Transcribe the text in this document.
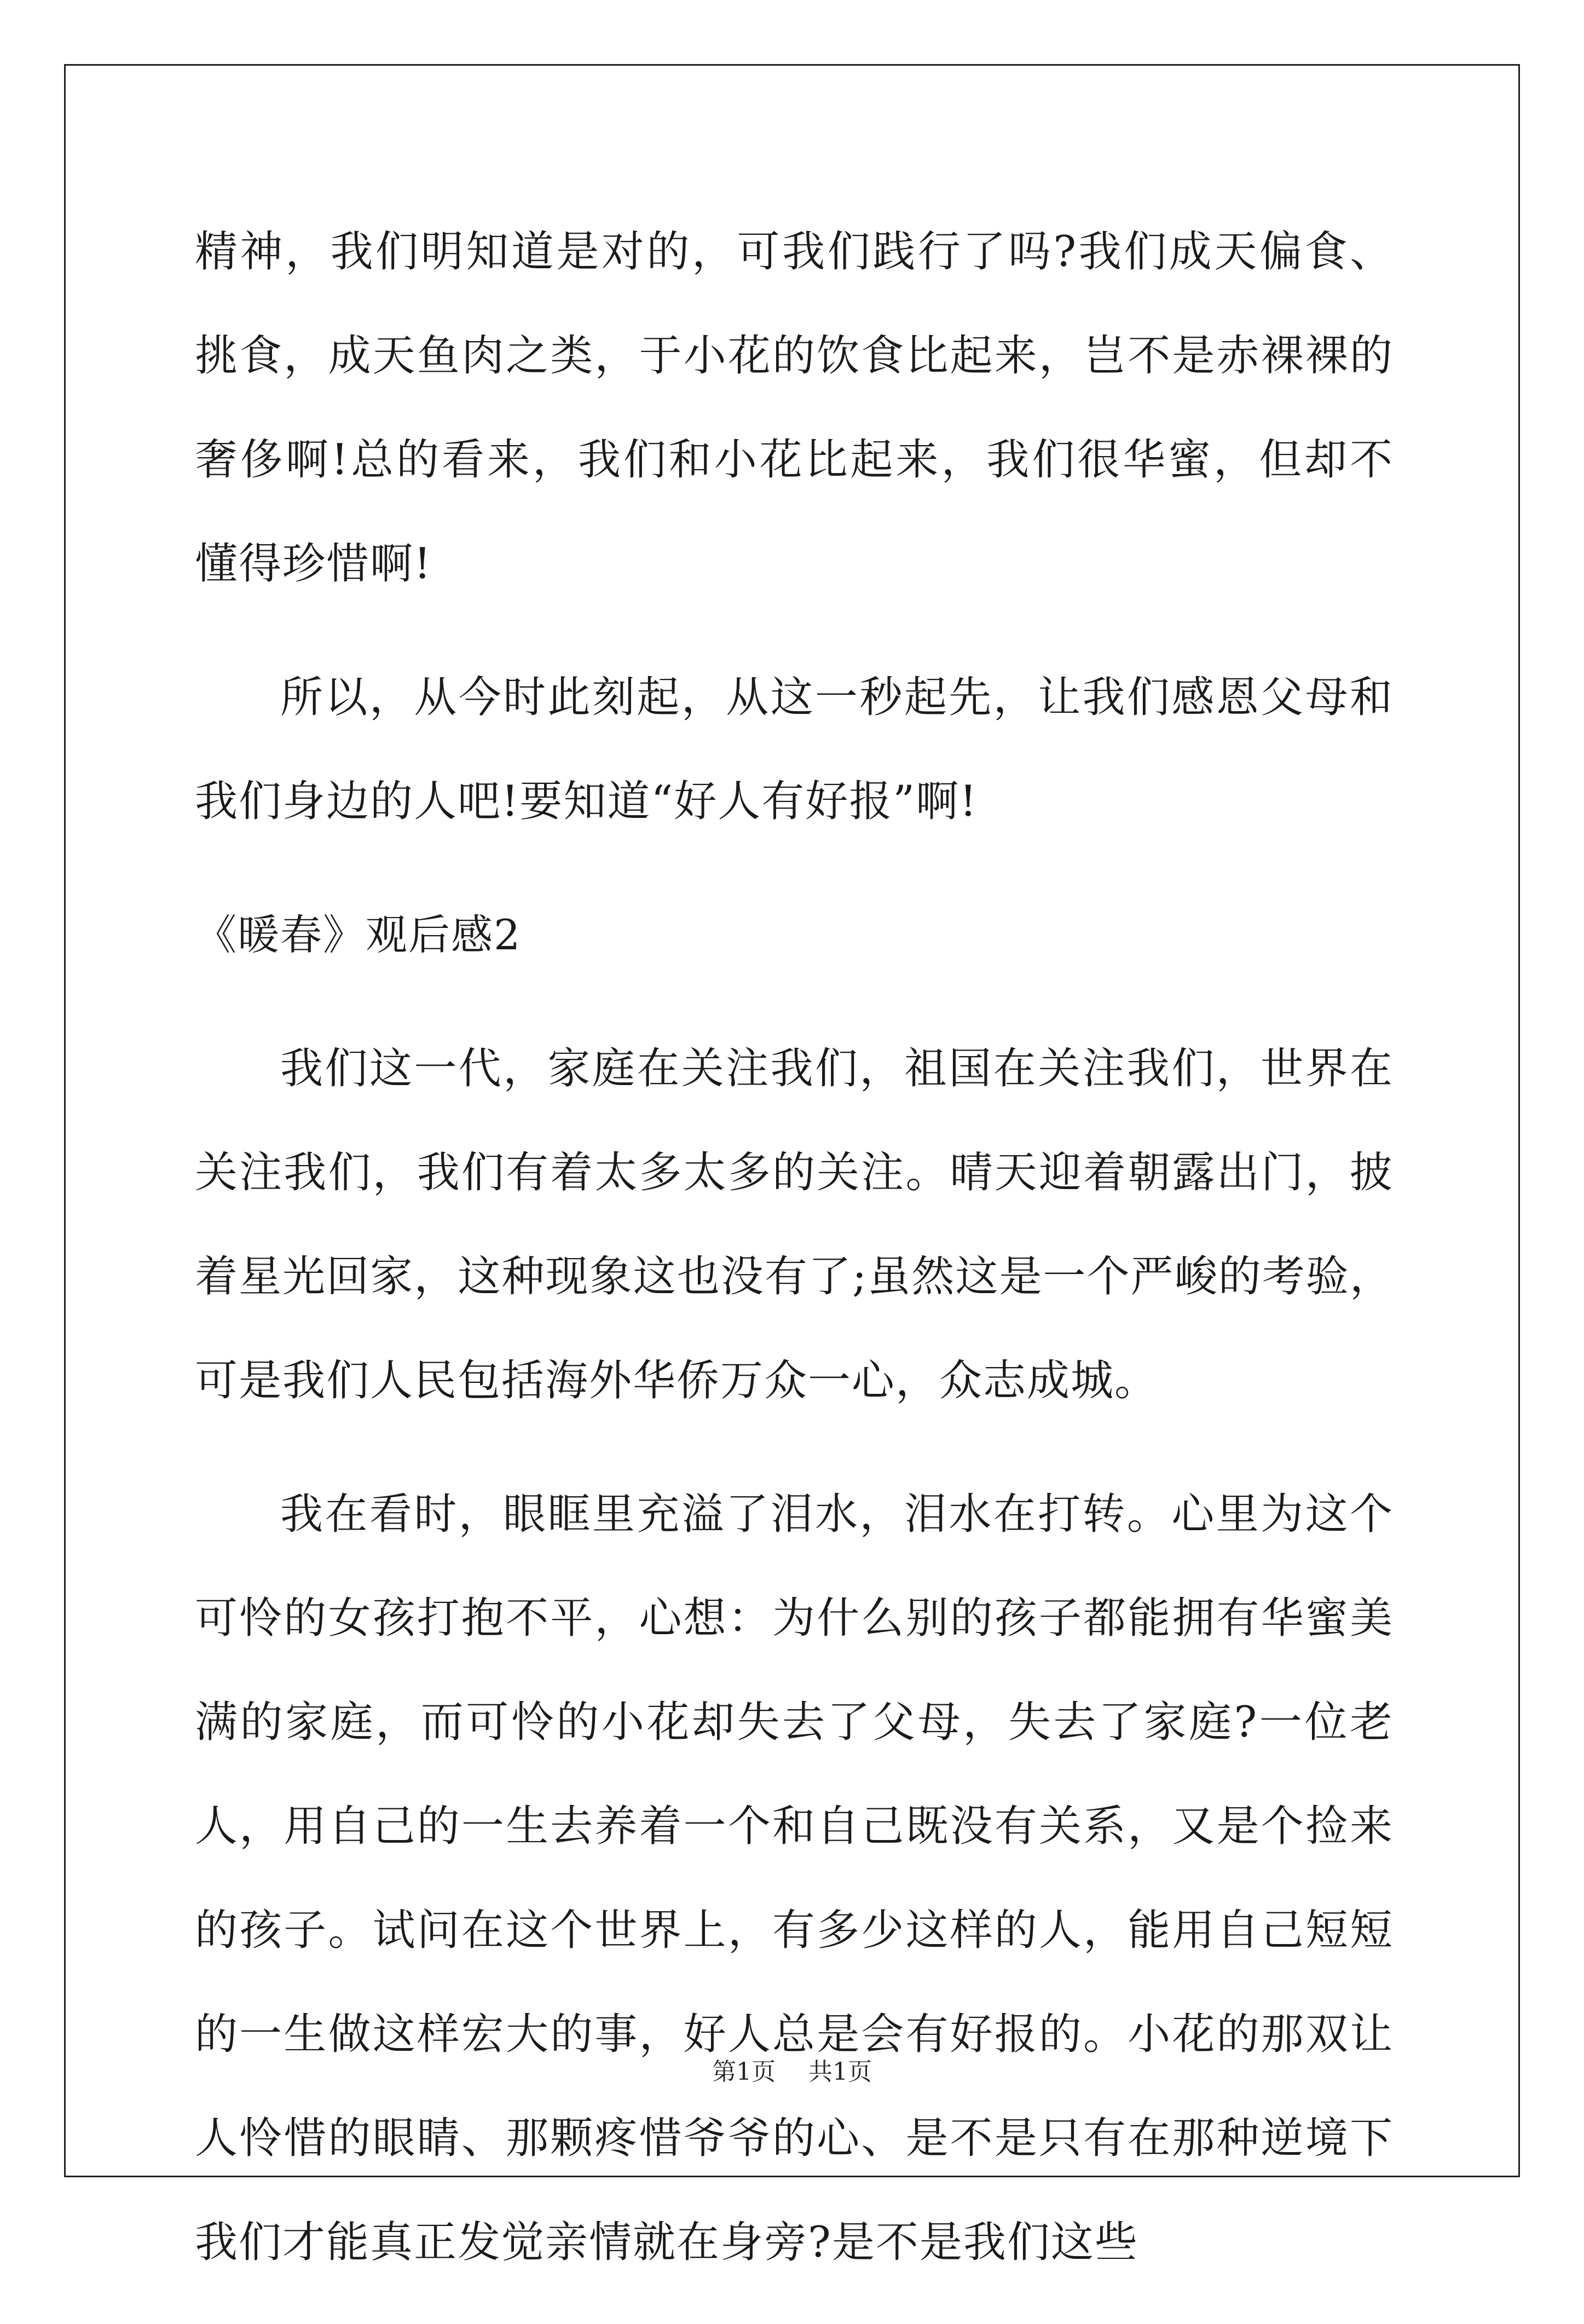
精神，我们明知道是对的，可我们践行了吗?我们成天偏食、挑食，成天鱼肉之类，于小花的饮食比起来，岂不是赤裸裸的奢侈啊!总的看来，我们和小花比起来，我们很华蜜，但却不懂得珍惜啊!

所以，从今时此刻起，从这一秒起先，让我们感恩父母和我们身边的人吧!要知道“好人有好报”啊!

《暖春》观后感2

我们这一代，家庭在关注我们，祖国在关注我们，世界在关注我们，我们有着太多太多的关注。晴天迎着朝露出门，披着星光回家，这种现象这也没有了;虽然这是一个严峻的考验，可是我们人民包括海外华侨万众一心，众志成城。

我在看时，眼眶里充溢了泪水，泪水在打转。心里为这个可怜的女孩打抱不平，心想：为什么别的孩子都能拥有华蜜美满的家庭，而可怜的小花却失去了父母，失去了家庭?一位老人，用自己的一生去养着一个和自己既没有关系，又是个捡来的孩子。试问在这个世界上，有多少这样的人，能用自己短短的一生做这样宏大的事，好人总是会有好报的。小花的那双让人怜惜的眼睛、那颗疼惜爷爷的心、是不是只有在那种逆境下我们才能真正发觉亲情就在身旁?是不是我们这些

第1页 共1页
